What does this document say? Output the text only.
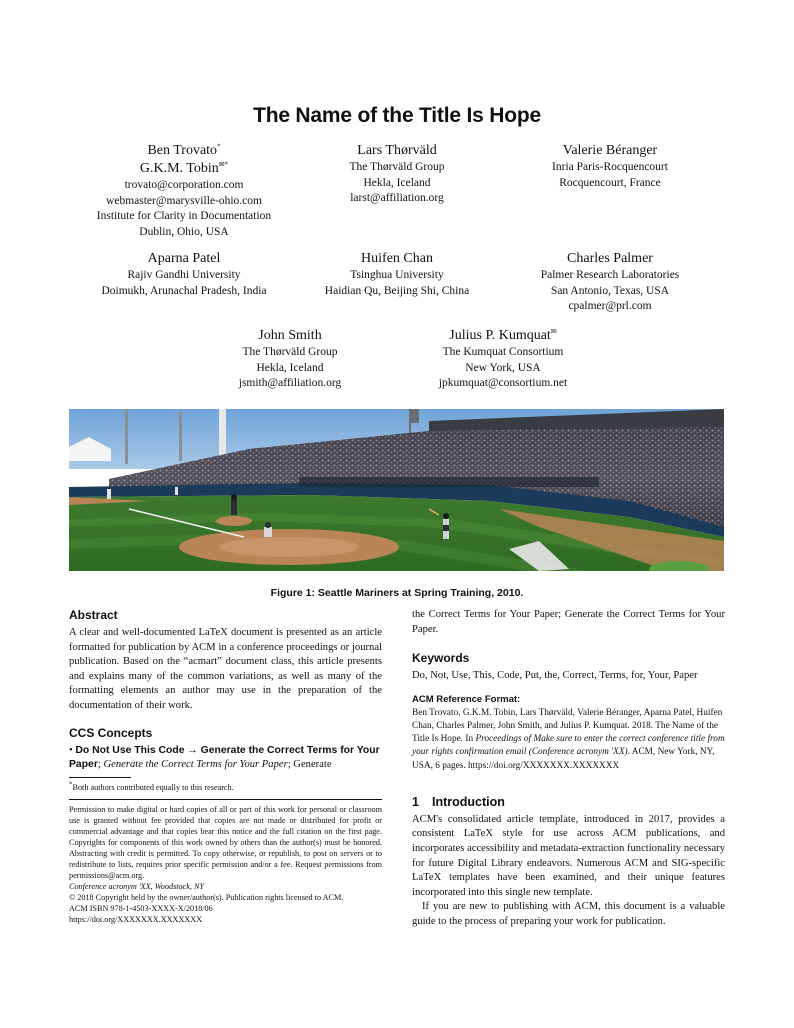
The Name of the Title Is Hope
Ben Trovato*
G.K.M. Tobin✉*
trovato@corporation.com
webmaster@marysville-ohio.com
Institute for Clarity in Documentation
Dublin, Ohio, USA
Lars Thørväld
The Thørväld Group
Hekla, Iceland
larst@affiliation.org
Valerie Béranger
Inria Paris-Rocquencourt
Rocquencourt, France
Aparna Patel
Rajiv Gandhi University
Doimukh, Arunachal Pradesh, India
Huifen Chan
Tsinghua University
Haidian Qu, Beijing Shi, China
Charles Palmer
Palmer Research Laboratories
San Antonio, Texas, USA
cpalmer@prl.com
John Smith
The Thørväld Group
Hekla, Iceland
jsmith@affiliation.org
Julius P. Kumquat✉
The Kumquat Consortium
New York, USA
jpkumquat@consortium.net
Figure 1: Seattle Mariners at Spring Training, 2010.
Abstract

A clear and well-documented LaTeX document is presented as an article formatted for publication by ACM in a conference proceedings or journal publication. Based on the “acmart” document class, this article presents and explains many of the common variations, as well as many of the formatting elements an author may use in the preparation of the documentation of their work.

CCS Concepts

• Do Not Use This Code → Generate the Correct Terms for Your Paper; Generate the Correct Terms for Your Paper; Generate

*Both authors contributed equally to this research.

Permission to make digital or hard copies of all or part of this work for personal or classroom use is granted without fee provided that copies are not made or distributed for profit or commercial advantage and that copies bear this notice and the full citation on the first page. Copyrights for components of this work owned by others than the author(s) must be honored. Abstracting with credit is permitted. To copy otherwise, or republish, to post on servers or to redistribute to lists, requires prior specific permission and/or a fee. Request permissions from permissions@acm.org.

Conference acronym 'XX, Woodstock, NY

© 2018 Copyright held by the owner/author(s). Publication rights licensed to ACM.

ACM ISBN 978-1-4503-XXXX-X/2018/06

https://doi.org/XXXXXXX.XXXXXXX

the Correct Terms for Your Paper; Generate the Correct Terms for Your Paper.

Keywords

Do, Not, Use, This, Code, Put, the, Correct, Terms, for, Your, Paper

ACM Reference Format:

Ben Trovato, G.K.M. Tobin, Lars Thørväld, Valerie Béranger, Aparna Patel, Huifen Chan, Charles Palmer, John Smith, and Julius P. Kumquat. 2018. The Name of the Title Is Hope. In Proceedings of Make sure to enter the correct conference title from your rights confirmation email (Conference acronym 'XX). ACM, New York, NY, USA, 6 pages. https://doi.org/XXXXXXX.XXXXXXX

1 Introduction

ACM's consolidated article template, introduced in 2017, provides a consistent LaTeX style for use across ACM publications, and incorporates accessibility and metadata-extraction functionality necessary for future Digital Library endeavors. Numerous ACM and SIG-specific LaTeX templates have been examined, and their unique features incorporated into this single new template.

If you are new to publishing with ACM, this document is a valuable guide to the process of preparing your work for publication.
